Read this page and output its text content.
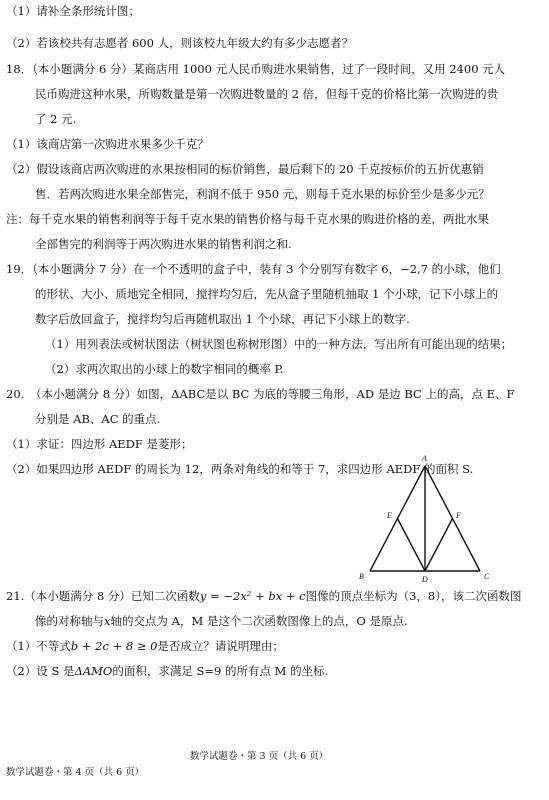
（1）请补全条形统计图；
（2）若该校共有志愿者 600 人，则该校九年级大约有多少志愿者？
18．（本小题满分 6 分）某商店用 1000 元人民币购进水果销售，过了一段时间，又用 2400 元人
民币购进这种水果，所购数量是第一次购进数量的 2 倍，但每千克的价格比第一次购进的贵
了 2 元.
（1）该商店第一次购进水果多少千克？
（2）假设该商店两次购进的水果按相同的标价销售，最后剩下的 20 千克按标价的五折优惠销
售．若两次购进水果全部售完，利润不低于 950 元，则每千克水果的标价至少是多少元？
注：每千克水果的销售利润等于每千克水果的销售价格与每千克水果的购进价格的差，两批水果
全部售完的利润等于两次购进水果的销售利润之和.
19．（本小题满分 7 分）在一个不透明的盒子中，装有 3 个分别写有数字 6，−2,7 的小球，他们
的形状、大小、质地完全相同，搅拌均匀后，先从盒子里随机抽取 1 个小球，记下小球上的
数字后放回盒子，搅拌均匀后再随机取出 1 个小球，再记下小球上的数字.
（1）用列表法或树状图法（树状图也称树形图）中的一种方法，写出所有可能出现的结果；
（2）求两次取出的小球上的数字相同的概率 P.
20.　（本小题满分 8 分）如图，ΔABC是以 BC 为底的等腰三角形，AD 是边 BC 上的高，点 E、F
分别是 AB、AC 的重点.
（1）求证：四边形 AEDF 是菱形；
（2）如果四边形 AEDF 的周长为 12，两条对角线的和等于 7，求四边形 AEDF 的面积 S.
A
E	F
B	D	C
21.（本小题满分 8 分）已知二次函数y = −2x² + bx + c图像的顶点坐标为（3，8），该二次函数图
像的对称轴与x轴的交点为 A，M 是这个二次函数图像上的点，O 是原点.
（1）不等式b + 2c + 8 ≥ 0是否成立？请说明理由；
（2）设 S 是ΔAMO的面积，求满足 S=9 的所有点 M 的坐标.
数学试题卷・第 3 页（共 6 页）
数学试题卷・第 4 页（共 6 页）
